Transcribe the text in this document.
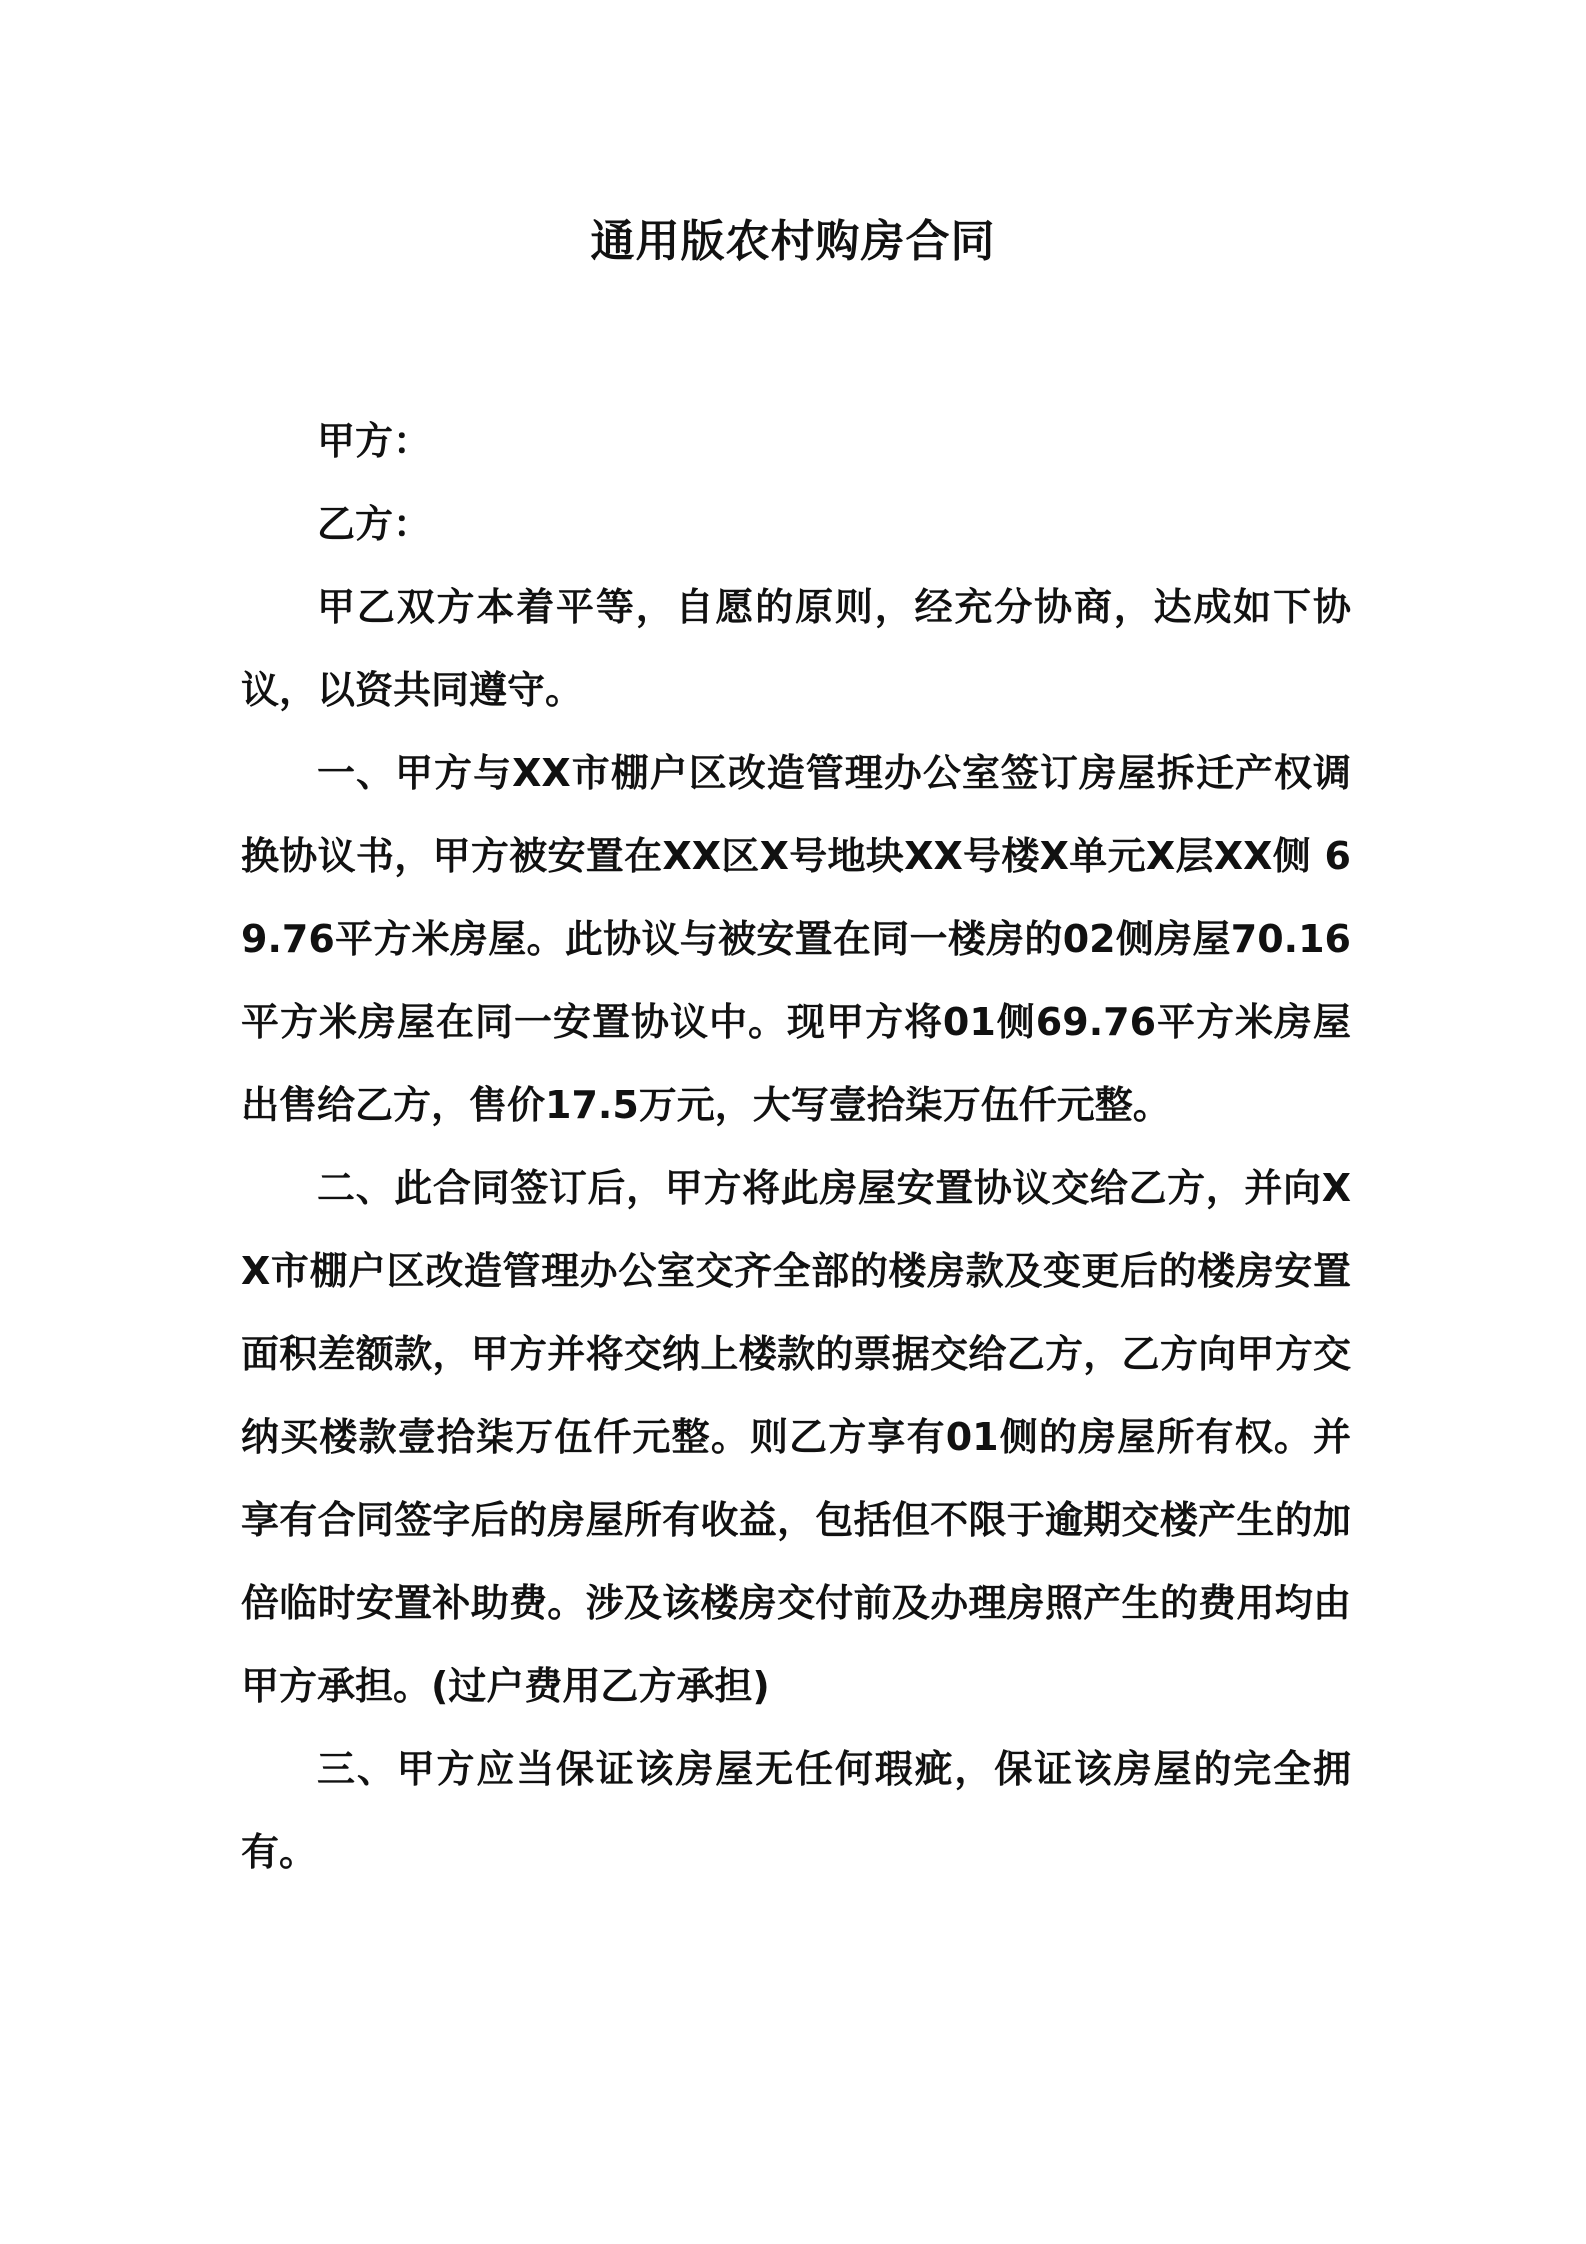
通用版农村购房合同

甲方：

乙方：

甲乙双方本着平等，自愿的原则，经充分协商，达成如下协议，以资共同遵守。

一、甲方与XX市棚户区改造管理办公室签订房屋拆迁产权调换协议书，甲方被安置在XX区X号地块XX号楼X单元X层XX侧 69.76平方米房屋。此协议与被安置在同一楼房的02侧房屋70.16平方米房屋在同一安置协议中。现甲方将01侧69.76平方米房屋出售给乙方，售价17.5万元，大写壹拾柒万伍仟元整。

二、此合同签订后，甲方将此房屋安置协议交给乙方，并向XX市棚户区改造管理办公室交齐全部的楼房款及变更后的楼房安置面积差额款，甲方并将交纳上楼款的票据交给乙方，乙方向甲方交纳买楼款壹拾柒万伍仟元整。则乙方享有01侧的房屋所有权。并享有合同签字后的房屋所有收益，包括但不限于逾期交楼产生的加倍临时安置补助费。涉及该楼房交付前及办理房照产生的费用均由甲方承担。(过户费用乙方承担)

三、甲方应当保证该房屋无任何瑕疵，保证该房屋的完全拥有。
